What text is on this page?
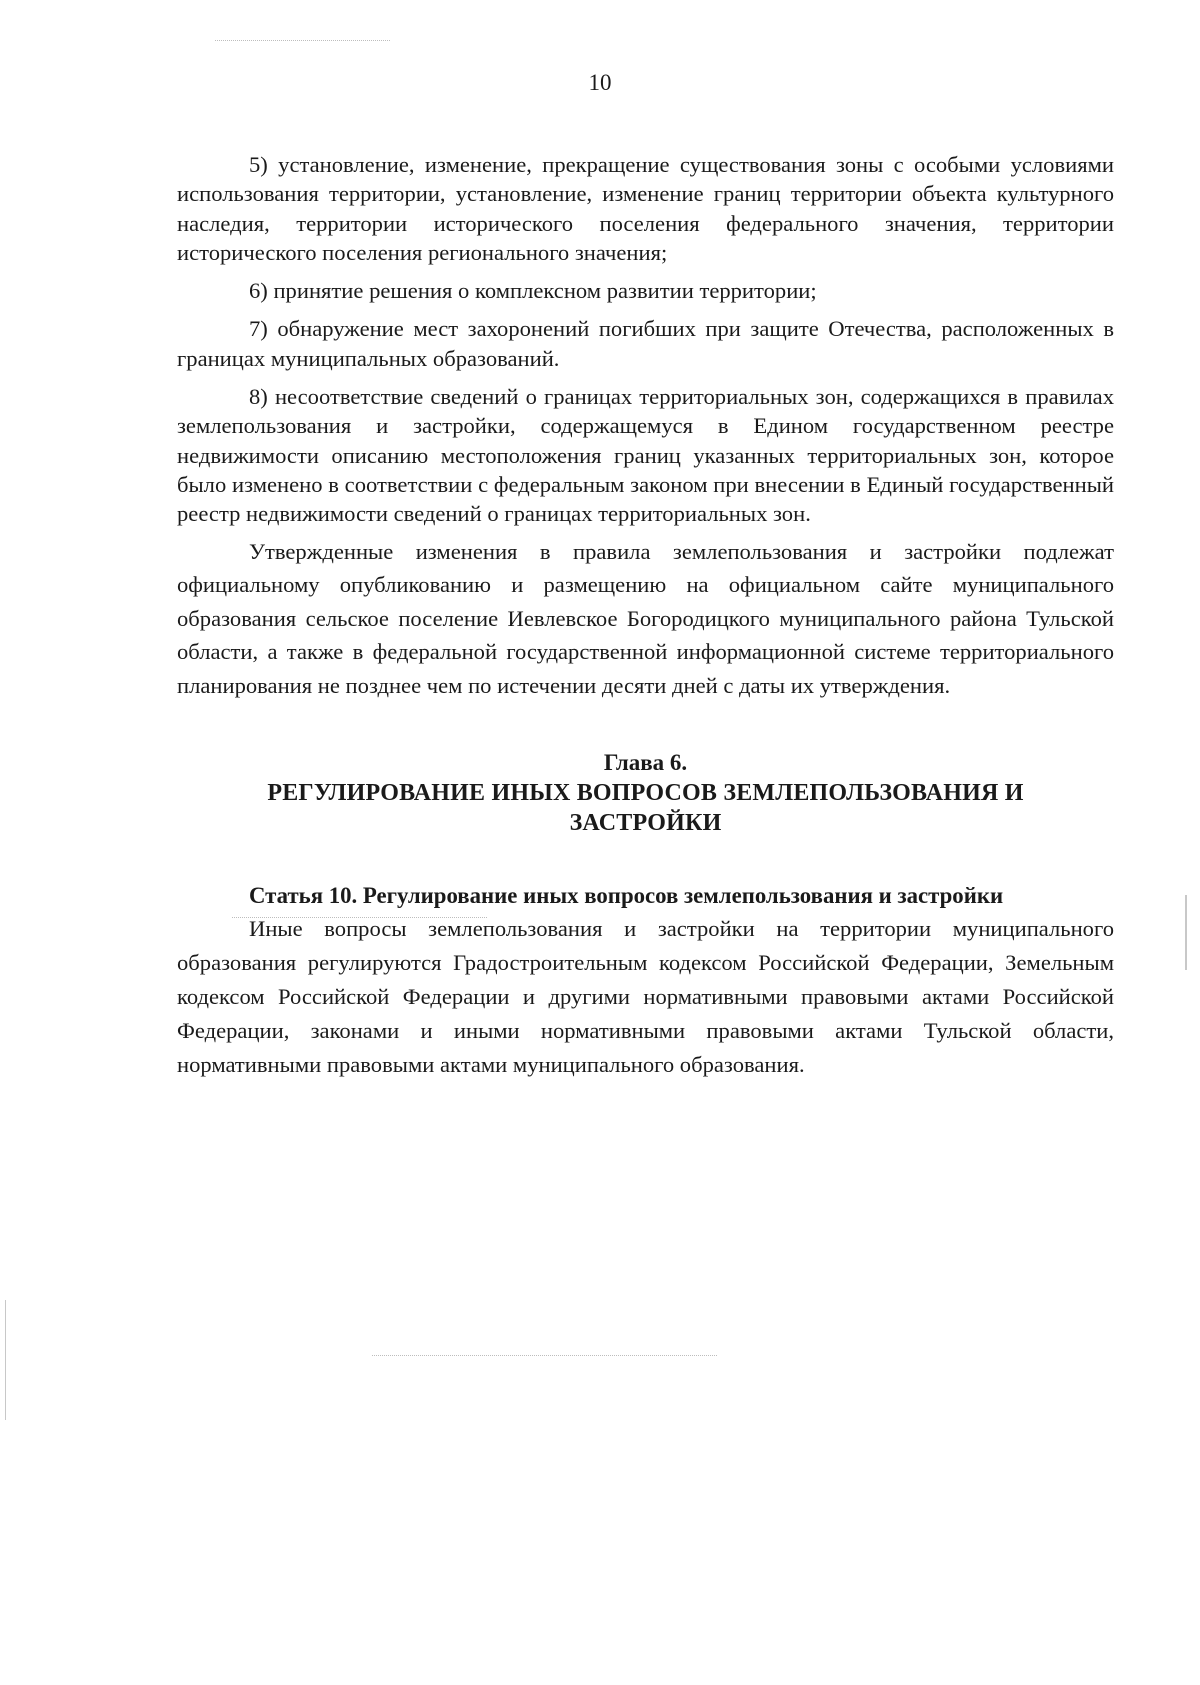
10

5) установление, изменение, прекращение существования зоны с особыми условиями использования территории, установление, изменение границ территории объекта культурного наследия, территории исторического поселения федерального значения, территории исторического поселения регионального значения;

6) принятие решения о комплексном развитии территории;

7) обнаружение мест захоронений погибших при защите Отечества, расположенных в границах муниципальных образований.

8) несоответствие сведений о границах территориальных зон, содержащихся в правилах землепользования и застройки, содержащемуся в Едином государственном реестре недвижимости описанию местоположения границ указанных территориальных зон, которое было изменено в соответствии с федеральным законом при внесении в Единый государственный реестр недвижимости сведений о границах территориальных зон.

Утвержденные изменения в правила землепользования и застройки подлежат официальному опубликованию и размещению на официальном сайте муниципального образования сельское поселение Иевлевское Богородицкого муниципального района Тульской области, а также в федеральной государственной информационной системе территориального планирования не позднее чем по истечении десяти дней с даты их утверждения.

Глава 6.
РЕГУЛИРОВАНИЕ ИНЫХ ВОПРОСОВ ЗЕМЛЕПОЛЬЗОВАНИЯ И
ЗАСТРОЙКИ

Статья 10. Регулирование иных вопросов землепользования и застройки

Иные вопросы землепользования и застройки на территории муниципального образования регулируются Градостроительным кодексом Российской Федерации, Земельным кодексом Российской Федерации и другими нормативными правовыми актами Российской Федерации, законами и иными нормативными правовыми актами Тульской области, нормативными правовыми актами муниципального образования.
